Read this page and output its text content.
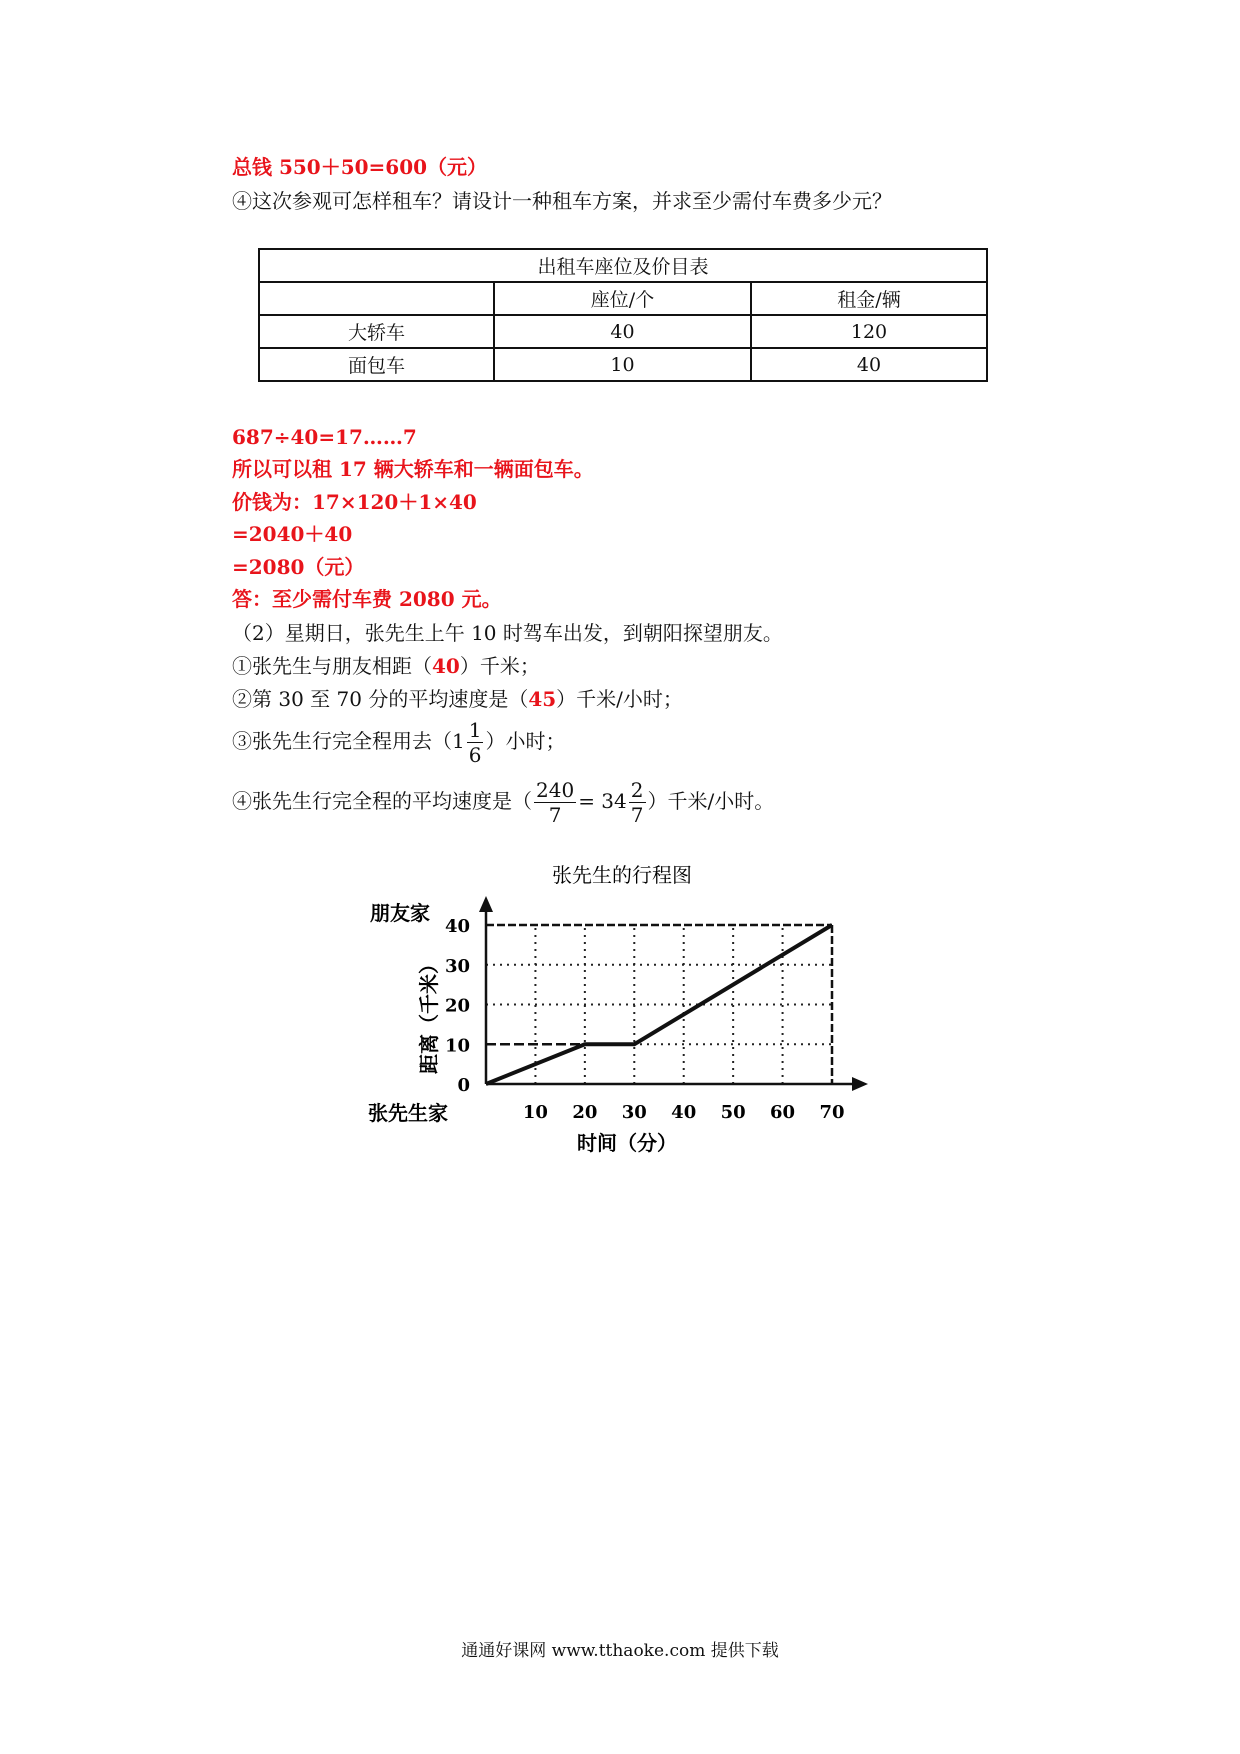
总钱 550＋50=600（元）
④这次参观可怎样租车？请设计一种租车方案，并求至少需付车费多少元？
出租车座位及价目表		
	座位/个	租金/辆
大轿车	40	120
面包车	10	40
687÷40=17……7
所以可以租 17 辆大轿车和一辆面包车。
价钱为：17×120＋1×40
=2040＋40
=2080（元）
答：至少需付车费 2080 元。
（2）星期日，张先生上午 10 时驾车出发，到朝阳探望朋友。
①张先生与朋友相距（40）千米；
②第 30 至 70 分的平均速度是（45）千米/小时；
③张先生行完全程用去（$1 \frac{1}{6}$ ）小时；
④张先生行完全程的平均速度是（ $\frac{240}{7} = 34 \frac{2}{7}$ ）千米/小时。
张先生的行程图
朋友家
张先生家
时间（分）
距离（千米）
10 20 30 40 50 60 70
0
10
20
30
40
通通好课网 www.tthaoke.com 提供下载
